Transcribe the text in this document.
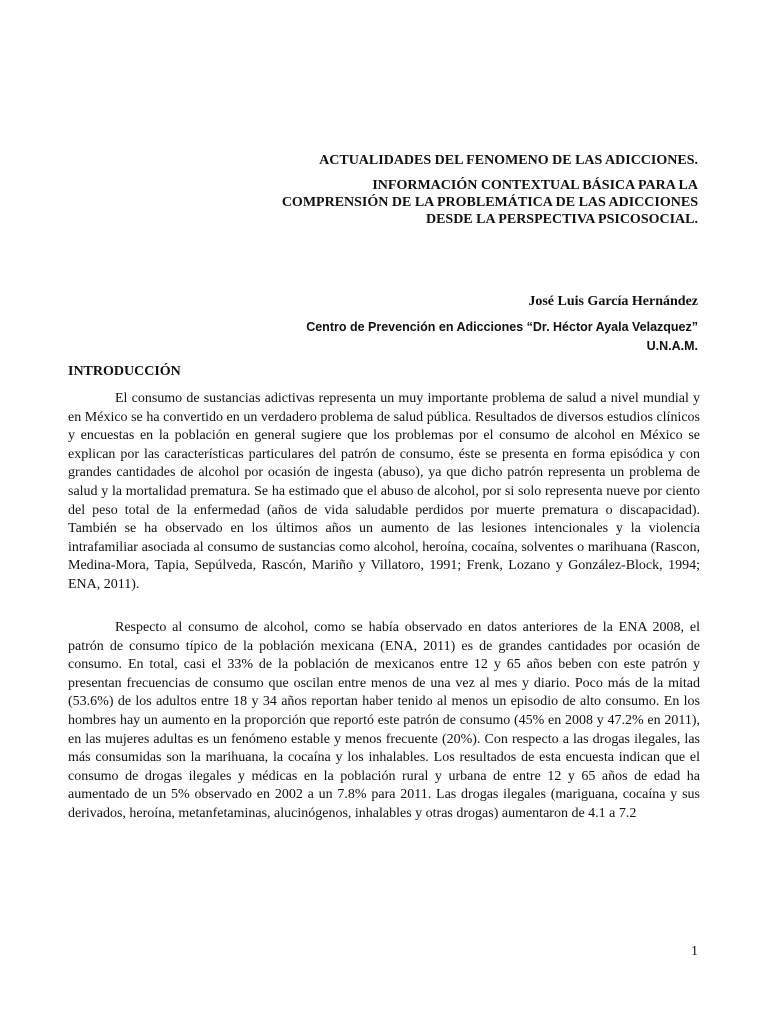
ACTUALIDADES DEL FENOMENO DE LAS ADICCIONES.
INFORMACIÓN CONTEXTUAL BÁSICA PARA LA
COMPRENSIÓN DE LA PROBLEMÁTICA DE LAS ADICCIONES
DESDE LA PERSPECTIVA PSICOSOCIAL.
José Luis García Hernández
Centro de Prevención en Adicciones “Dr. Héctor Ayala Velazquez”
U.N.A.M.
INTRODUCCIÓN

El consumo de sustancias adictivas representa un muy importante problema de salud a nivel mundial y en México se ha convertido en un verdadero problema de salud pública. Resultados de diversos estudios clínicos y encuestas en la población en general sugiere que los problemas por el consumo de alcohol en México se explican por las características particulares del patrón de consumo, éste se presenta en forma episódica y con grandes cantidades de alcohol por ocasión de ingesta (abuso), ya que dicho patrón representa un problema de salud y la mortalidad prematura. Se ha estimado que el abuso de alcohol, por si solo representa nueve por ciento del peso total de la enfermedad (años de vida saludable perdidos por muerte prematura o discapacidad). También se ha observado en los últimos años un aumento de las lesiones intencionales y la violencia intrafamiliar asociada al consumo de sustancias como alcohol, heroína, cocaína, solventes o marihuana (Rascon, Medina-Mora, Tapia, Sepúlveda, Rascón, Mariño y Villatoro, 1991; Frenk, Lozano y González-Block, 1994; ENA, 2011).

Respecto al consumo de alcohol, como se había observado en datos anteriores de la ENA 2008, el patrón de consumo típico de la población mexicana (ENA, 2011) es de grandes cantidades por ocasión de consumo. En total, casi el 33% de la población de mexicanos entre 12 y 65 años beben con este patrón y presentan frecuencias de consumo que oscilan entre menos de una vez al mes y diario. Poco más de la mitad (53.6%) de los adultos entre 18 y 34 años reportan haber tenido al menos un episodio de alto consumo. En los hombres hay un aumento en la proporción que reportó este patrón de consumo (45% en 2008 y 47.2% en 2011), en las mujeres adultas es un fenómeno estable y menos frecuente (20%). Con respecto a las drogas ilegales, las más consumidas son la marihuana, la cocaína y los inhalables. Los resultados de esta encuesta indican que el consumo de drogas ilegales y médicas en la población rural y urbana de entre 12 y 65 años de edad ha aumentado de un 5% observado en 2002 a un 7.8% para 2011. Las drogas ilegales (mariguana, cocaína y sus derivados, heroína, metanfetaminas, alucinógenos, inhalables y otras drogas) aumentaron de 4.1 a 7.2

1
